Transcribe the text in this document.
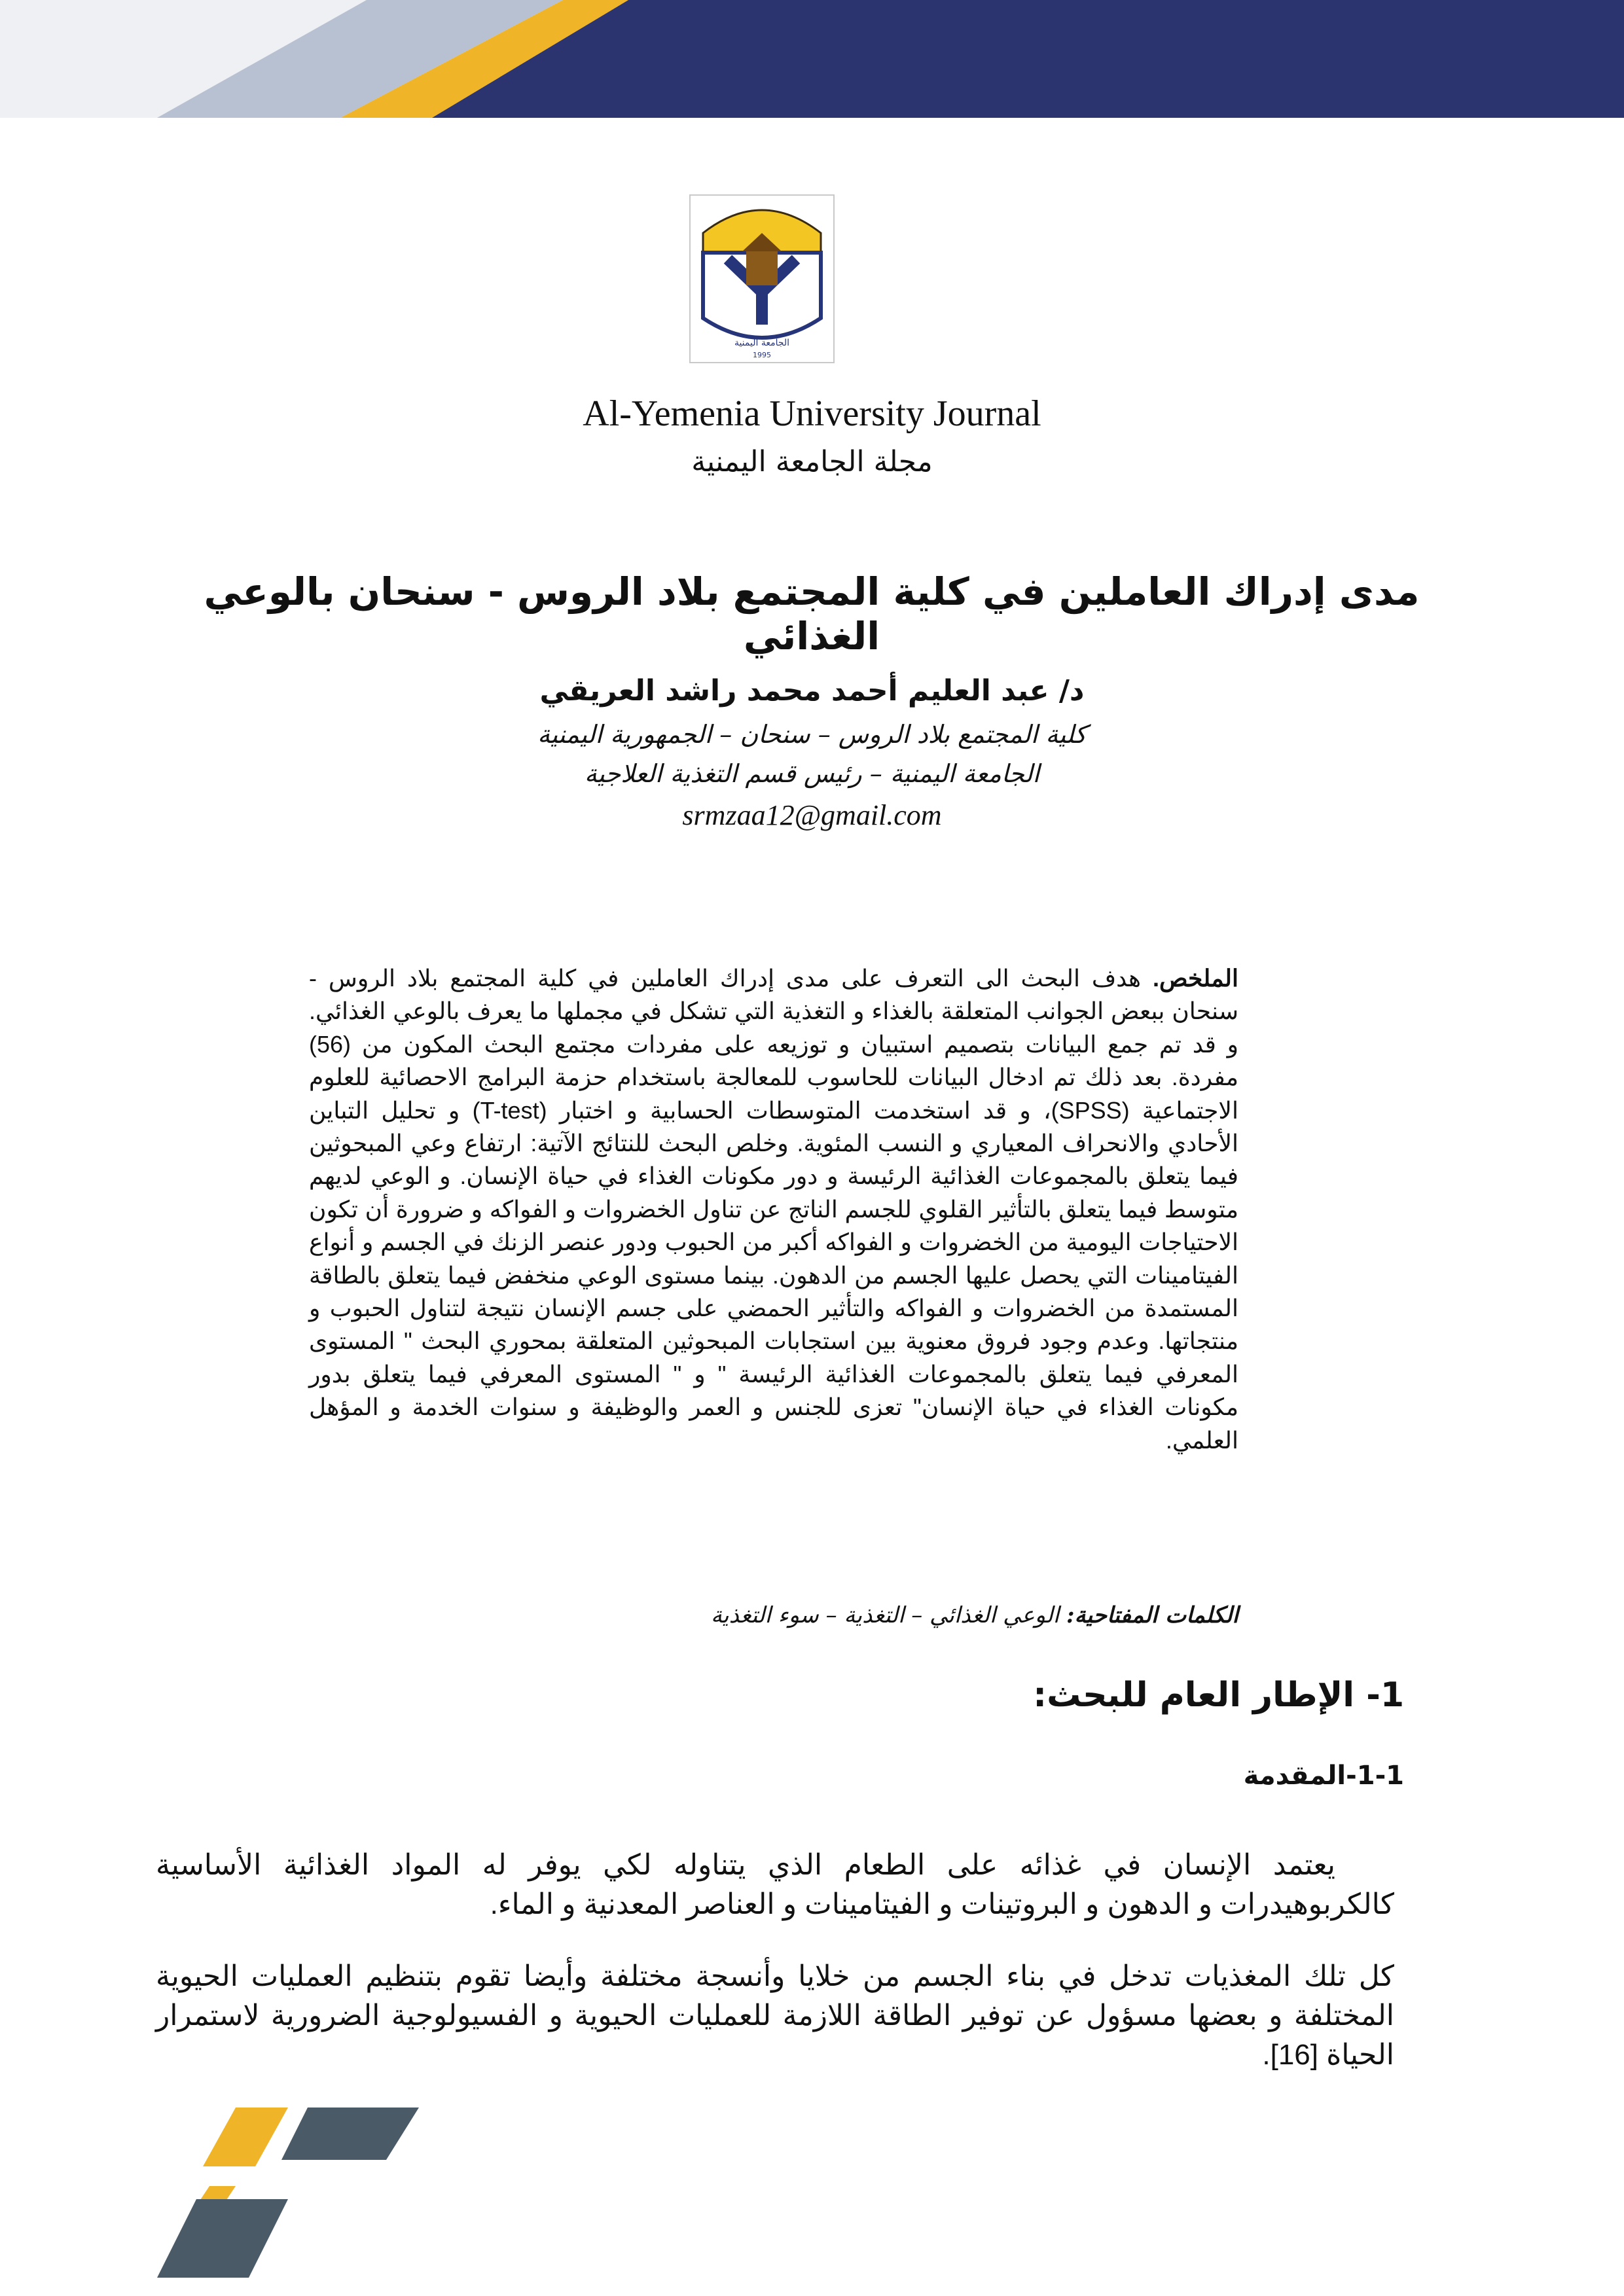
الجامعة اليمنية
1995
Al-Yemenia University Journal
مجلة الجامعة اليمنية
مدى إدراك العاملين في كلية المجتمع بلاد الروس - سنحان بالوعي الغذائي
د/ عبد العليم أحمد محمد راشد العريقي
كلية المجتمع بلاد الروس – سنحان – الجمهورية اليمنية
الجامعة اليمنية – رئيس قسم التغذية العلاجية
srmzaa12@gmail.com
الملخص. هدف البحث الى التعرف على مدى إدراك العاملين في كلية المجتمع بلاد الروس - سنحان ببعض الجوانب المتعلقة بالغذاء و التغذية التي تشكل في مجملها ما يعرف بالوعي الغذائي. و قد تم جمع البيانات بتصميم استبيان و توزيعه على مفردات مجتمع البحث المكون من (56) مفردة. بعد ذلك تم ادخال البيانات للحاسوب للمعالجة باستخدام حزمة البرامج الاحصائية للعلوم الاجتماعية (SPSS)، و قد استخدمت المتوسطات الحسابية و اختبار (T-test) و تحليل التباين الأحادي والانحراف المعياري و النسب المئوية. وخلص البحث للنتائج الآتية: ارتفاع وعي المبحوثين فيما يتعلق بالمجموعات الغذائية الرئيسة و دور مكونات الغذاء في حياة الإنسان. و الوعي لديهم متوسط فيما يتعلق بالتأثير القلوي للجسم الناتج عن تناول الخضروات و الفواكه و ضرورة أن تكون الاحتياجات اليومية من الخضروات و الفواكه أكبر من الحبوب ودور عنصر الزنك في الجسم و أنواع الفيتامينات التي يحصل عليها الجسم من الدهون. بينما مستوى الوعي منخفض فيما يتعلق بالطاقة المستمدة من الخضروات و الفواكه والتأثير الحمضي على جسم الإنسان نتيجة لتناول الحبوب و منتجاتها. وعدم وجود فروق معنوية بين استجابات المبحوثين المتعلقة بمحوري البحث " المستوى المعرفي فيما يتعلق بالمجموعات الغذائية الرئيسة " و " المستوى المعرفي فيما يتعلق بدور مكونات الغذاء في حياة الإنسان" تعزى للجنس و العمر والوظيفة و سنوات الخدمة و المؤهل العلمي.
الكلمات المفتاحية: الوعي الغذائي – التغذية – سوء التغذية
1- الإطار العام للبحث:
1-1-المقدمة
يعتمد الإنسان في غذائه على الطعام الذي يتناوله لكي يوفر له المواد الغذائية الأساسية كالكربوهيدرات و الدهون و البروتينات و الفيتامينات و العناصر المعدنية و الماء.
كل تلك المغذيات تدخل في بناء الجسم من خلايا وأنسجة مختلفة وأيضا تقوم بتنظيم العمليات الحيوية المختلفة و بعضها مسؤول عن توفير الطاقة اللازمة للعمليات الحيوية و الفسيولوجية الضرورية لاستمرار الحياة [16].
